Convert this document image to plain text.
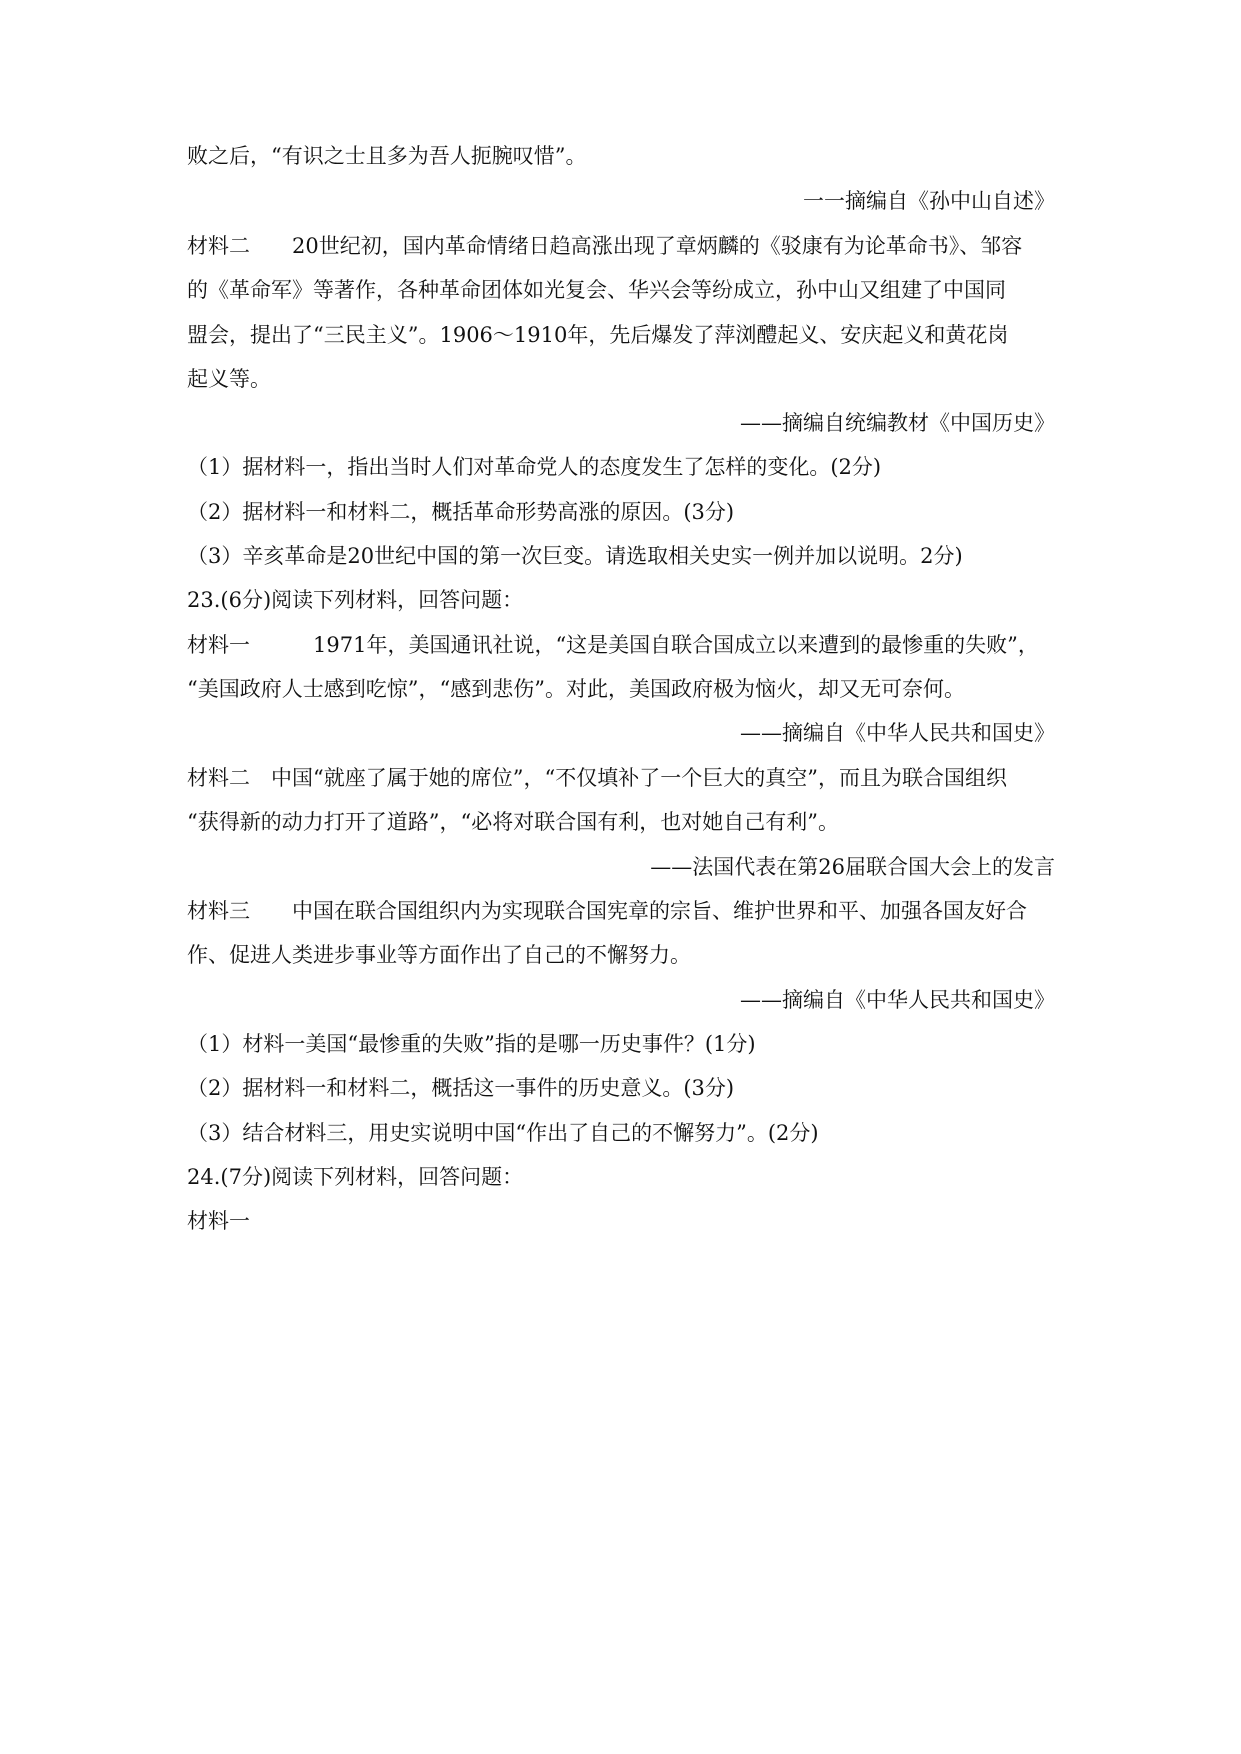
败之后，“有识之士且多为吾人扼腕叹惜”。
一一摘编自《孙中山自述》
材料二　　20世纪初，国内革命情绪日趋高涨出现了章炳麟的《驳康有为论革命书》、邹容
的《革命军》等著作，各种革命团体如光复会、华兴会等纷成立，孙中山又组建了中国同
盟会，提出了“三民主义”。1906～1910年，先后爆发了萍浏醴起义、安庆起义和黄花岗
起义等。
——摘编自统编教材《中国历史》
（1）据材料一，指出当时人们对革命党人的态度发生了怎样的变化。(2分)
（2）据材料一和材料二，概括革命形势高涨的原因。(3分)
（3）辛亥革命是20世纪中国的第一次巨变。请选取相关史实一例并加以说明。2分)
23.(6分)阅读下列材料，回答问题：
材料一　　　1971年，美国通讯社说，“这是美国自联合国成立以来遭到的最惨重的失败”，
“美国政府人士感到吃惊”，“感到悲伤”。对此，美国政府极为恼火，却又无可奈何。
——摘编自《中华人民共和国史》
材料二　中国“就座了属于她的席位”，“不仅填补了一个巨大的真空”，而且为联合国组织
“获得新的动力打开了道路”，“必将对联合国有利，也对她自己有利”。
——法国代表在第26届联合国大会上的发言
材料三　　中国在联合国组织内为实现联合国宪章的宗旨、维护世界和平、加强各国友好合
作、促进人类进步事业等方面作出了自己的不懈努力。
——摘编自《中华人民共和国史》
（1）材料一美国“最惨重的失败”指的是哪一历史事件？(1分)
（2）据材料一和材料二，概括这一事件的历史意义。(3分)
（3）结合材料三，用史实说明中国“作出了自己的不懈努力”。(2分)
24.(7分)阅读下列材料，回答问题：
材料一
